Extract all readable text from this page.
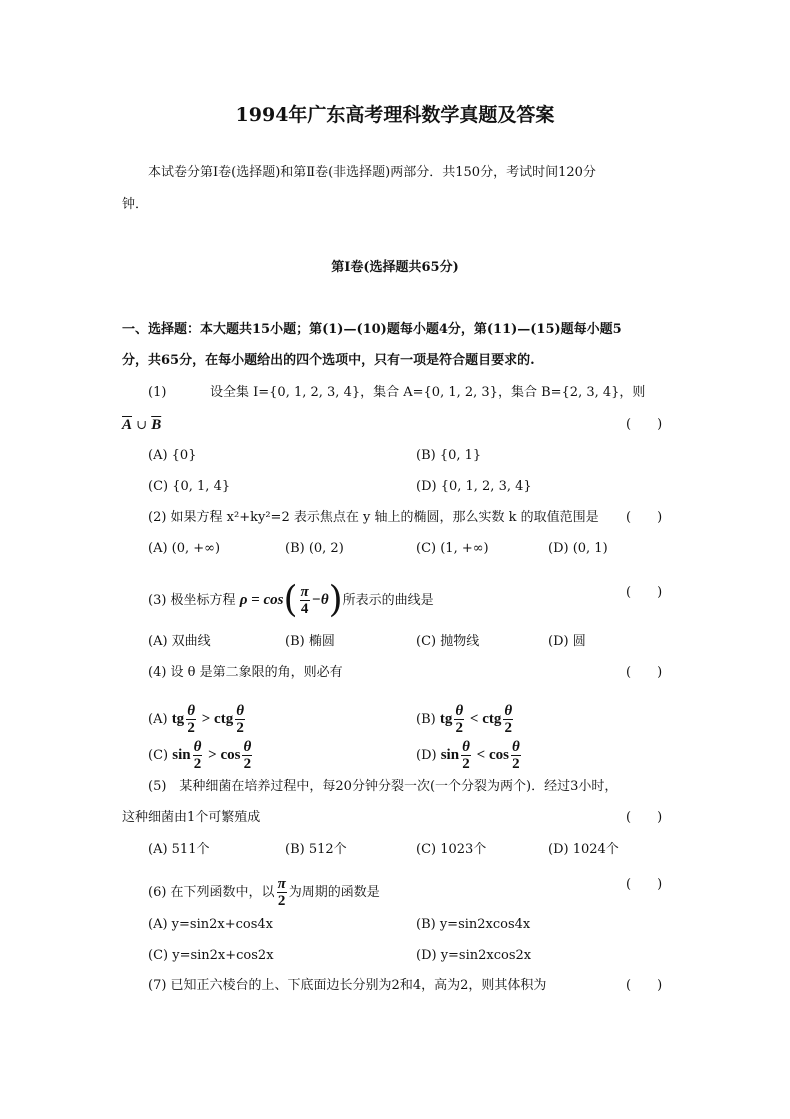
1994年广东高考理科数学真题及答案
本试卷分第Ⅰ卷(选择题)和第Ⅱ卷(非选择题)两部分．共150分，考试时间120分
钟．
第Ⅰ卷(选择题共65分)
一、选择题：本大题共15小题；第(1)—(10)题每小题4分，第(11)—(15)题每小题5
分，共65分，在每小题给出的四个选项中，只有一项是符合题目要求的.
(1)	设全集 I={0, 1, 2, 3, 4}，集合 A={0, 1, 2, 3}，集合 B={2, 3, 4}，则
$\overline{A}$ ∪ $\overline{B}$	(　　)
(A) {0}	(B) {0, 1}
(C) {0, 1, 4}	(D) {0, 1, 2, 3, 4}
(2) 如果方程 x²+ky²=2 表示焦点在 y 轴上的椭圆，那么实数 k 的取值范围是 (　　)
(A) (0, +∞)	(B) (0, 2)	(C) (1, +∞)	(D) (0, 1)
(3) 极坐标方程 $\rho = \cos( \frac{\pi}{4} -\theta)$所表示的曲线是
(　　)
(A) 双曲线	(B) 椭圆	(C) 抛物线	(D) 圆
(4) 设 θ 是第二象限的角，则必有	(　　)
(A) tg $\frac{\theta}{2}$ > ctg $\frac{\theta}{2}$	(B) tg $\frac{\theta}{2}$ < ctg $\frac{\theta}{2}$
(C) $\sin \frac{\theta}{2} > \cos \frac{\theta}{2}$	(D) $\sin \frac{\theta}{2} < \cos \frac{\theta}{2}$
(5)　某种细菌在培养过程中，每20分钟分裂一次(一个分裂为两个)．经过3小时，
这种细菌由1个可繁殖成	(　　)
(A) 511个	(B) 512个	(C) 1023个	(D) 1024个
(6) 在下列函数中，以 $\frac{\pi}{2}$ 为周期的函数是
(　　)
(A) y=sin2x+cos4x	(B) y=sin2xcos4x
(C) y=sin2x+cos2x	(D) y=sin2xcos2x
(7) 已知正六棱台的上、下底面边长分别为2和4，高为2，则其体积为	(　　)
